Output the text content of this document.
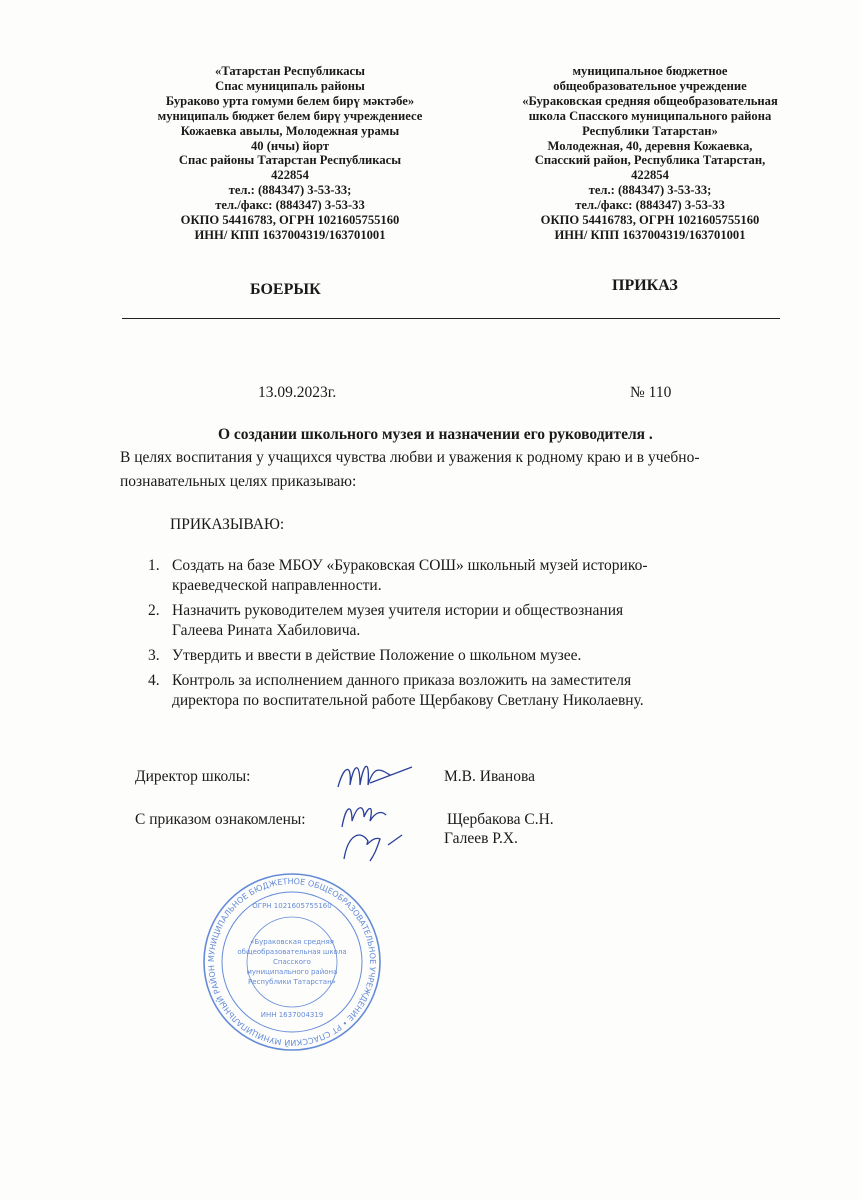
«Татарстан Республикасы
Спас муниципаль районы
Бураково урта гомуми белем бирү мәктәбе»
муниципаль бюджет белем бирү учреждениесе
Кожаевка авылы, Молодежная урамы
40 (нчы) йорт
Спас районы Татарстан Республикасы
422854
тел.: (884347) 3-53-33;
тел./факс: (884347) 3-53-33
ОКПО 54416783, ОГРН 1021605755160
ИНН/ КПП 1637004319/163701001
муниципальное бюджетное
общеобразовательное учреждение
«Бураковская средняя общеобразовательная
школа Спасского муниципального района
Республики Татарстан»
Молодежная, 40, деревня Кожаевка,
Спасский район, Республика Татарстан,
422854
тел.: (884347) 3-53-33;
тел./факс: (884347) 3-53-33
ОКПО 54416783, ОГРН 1021605755160
ИНН/ КПП 1637004319/163701001
БОЕРЫК	ПРИКАЗ
13.09.2023г.	№ 110
О создании школьного музея и назначении его руководителя .
В целях воспитания у учащихся чувства любви и уважения к родному краю и в учебно-
познавательных целях приказываю:
ПРИКАЗЫВАЮ:
1. Создать на базе МБОУ «Бураковская СОШ» школьный музей историко-
краеведческой направленности.
2. Назначить руководителем музея учителя истории и обществознания
Галеева Рината Хабиловича.
3. Утвердить и ввести в действие Положение о школьном музее.
4. Контроль за исполнением данного приказа возложить на заместителя
директора по воспитательной работе Щербакову Светлану Николаевну.
МУНИЦИПАЛЬНОЕ БЮДЖЕТНОЕ ОБЩЕОБРАЗОВАТЕЛЬНОЕ УЧРЕЖДЕНИЕ • РТ СПАССКИЙ МУНИЦИПАЛЬНЫЙ РАЙОН
ОГРН 1021605755160
«Бураковская средняя
общеобразовательная школа
Спасского
муниципального района
Республики Татарстан»
ИНН 1637004319
Директор школы:	М.В. Иванова
С приказом ознакомлены:	Щербакова С.Н.
Галеев Р.Х.
